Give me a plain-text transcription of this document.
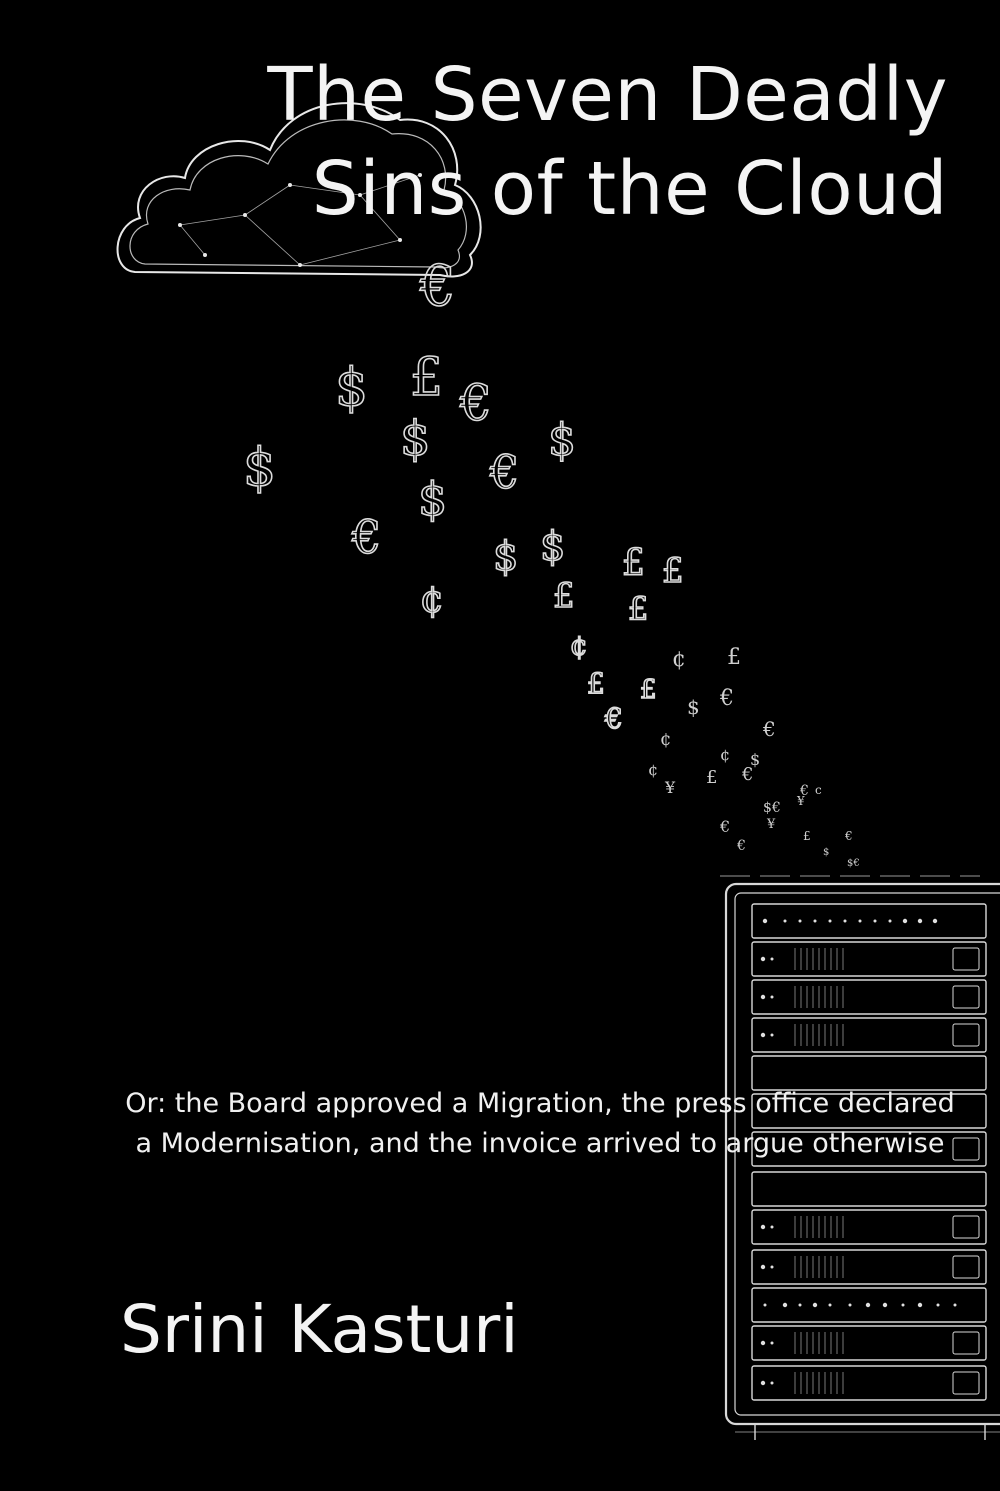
€
$ £ €
$	$
$	€
$
€	$ $ £ £
¢	£ £
¢
£
€
£
¢ £
$ €
€
¢
¢ $
€
£
¢
¥	€ c
¥
$€
¥
€
€
£	€
$
$€
The Seven Deadly
Sins of the Cloud

Or: the Board approved a Migration, the press office declared
a Modernisation, and the invoice arrived to argue otherwise

Srini Kasturi
